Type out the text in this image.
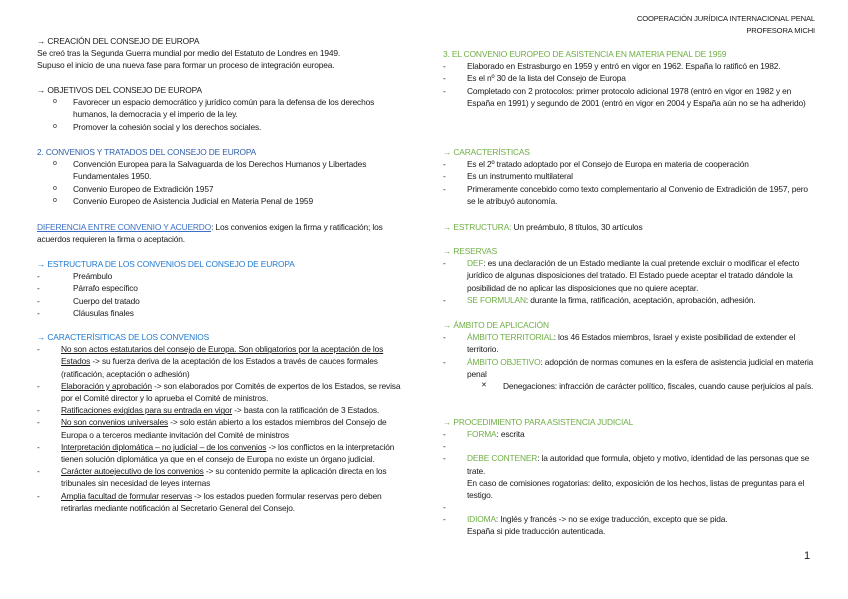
COOPERACIÓN JURÍDICA INTERNACIONAL PENAL
PROFESORA MICHI
→ CREACIÓN DEL CONSEJO DE EUROPA
Se creó tras la Segunda Guerra mundial por medio del Estatuto de Londres en 1949.
Supuso el inicio de una nueva fase para formar un proceso de integración europea.
→ OBJETIVOS DEL CONSEJO DE EUROPA
o Favorecer un espacio democrático y jurídico común para la defensa de los derechos humanos, la democracia y el imperio de la ley.
o Promover la cohesión social y los derechos sociales.
2. CONVENIOS Y TRATADOS DEL CONSEJO DE EUROPA
o Convención Europea para la Salvaguarda de los Derechos Humanos y Libertades Fundamentales 1950.
o Convenio Europeo de Extradición 1957
o Convenio Europeo de Asistencia Judicial en Materia Penal de 1959
DIFERENCIA ENTRE CONVENIO Y ACUERDO: Los convenios exigen la firma y ratificación; los acuerdos requieren la firma o aceptación.
→ ESTRUCTURA DE LOS CONVENIOS DEL CONSEJO DE EUROPA
- Preámbulo
- Párrafo específico
- Cuerpo del tratado
- Cláusulas finales
→ CARACTERÍSITICAS DE LOS CONVENIOS
- No son actos estatutarios del consejo de Europa. Son obligatorios por la aceptación de los Estados -> su fuerza deriva de la aceptación de los Estados a través de cauces formales (ratificación, aceptación o adhesión)
- Elaboración y aprobación -> son elaborados por Comités de expertos de los Estados, se revisa por el Comité director y lo aprueba el Comité de ministros.
- Ratificaciones exigidas para su entrada en vigor -> basta con la ratificación de 3 Estados.
- No son convenios universales -> solo están abierto a los estados miembros del Consejo de Europa o a terceros mediante invitación del Comité de ministros
- Interpretación diplomática – no judicial – de los convenios -> los conflictos en la interpretación tienen solución diplomática ya que en el consejo de Europa no existe un órgano judicial.
- Carácter autoejecutivo de los convenios -> su contenido permite la aplicación directa en los tribunales sin necesidad de leyes internas
- Amplia facultad de formular reservas -> los estados pueden formular reservas pero deben retirarlas mediante notificación al Secretario General del Consejo.
3. EL CONVENIO EUROPEO DE ASISTENCIA EN MATERIA PENAL DE 1959
- Elaborado en Estrasburgo en 1959 y entró en vigor en 1962. España lo ratificó en 1982.
- Es el nº 30 de la lista del Consejo de Europa
- Completado con 2 protocolos: primer protocolo adicional 1978 (entró en vigor en 1982 y en España en 1991) y segundo de 2001 (entró en vigor en 2004 y España aún no se ha adherido)
→ CARACTERÍSTICAS
- Es el 2º tratado adoptado por el Consejo de Europa en materia de cooperación
- Es un instrumento multilateral
- Primeramente concebido como texto complementario al Convenio de Extradición de 1957, pero se le atribuyó autonomía.
→ ESTRUCTURA: Un preámbulo, 8 títulos, 30 artículos
→ RESERVAS
- DEF: es una declaración de un Estado mediante la cual pretende excluir o modificar el efecto jurídico de algunas disposiciones del tratado. El Estado puede aceptar el tratado dándole la posibilidad de no aplicar las disposiciones que no quiere aceptar.
- SE FORMULAN: durante la firma, ratificación, aceptación, aprobación, adhesión.
→ ÁMBITO DE APLICACIÓN
- ÁMBITO TERRITORIAL: los 46 Estados miembros, Israel y existe posibilidad de extender el territorio.
- ÁMBITO OBJETIVO: adopción de normas comunes en la esfera de asistencia judicial en materia penal
✕ Denegaciones: infracción de carácter político, fiscales, cuando cause perjuicios al país.
→ PROCEDIMIENTO PARA ASISTENCIA JUDICIAL
- FORMA: escrita
-
- DEBE CONTENER: la autoridad que formula, objeto y motivo, identidad de las personas que se trate.
En caso de comisiones rogatorias: delito, exposición de los hechos, listas de preguntas para el testigo.
-
- IDIOMA: Inglés y francés -> no se exige traducción, excepto que se pida.
España si pide traducción autenticada.
1
